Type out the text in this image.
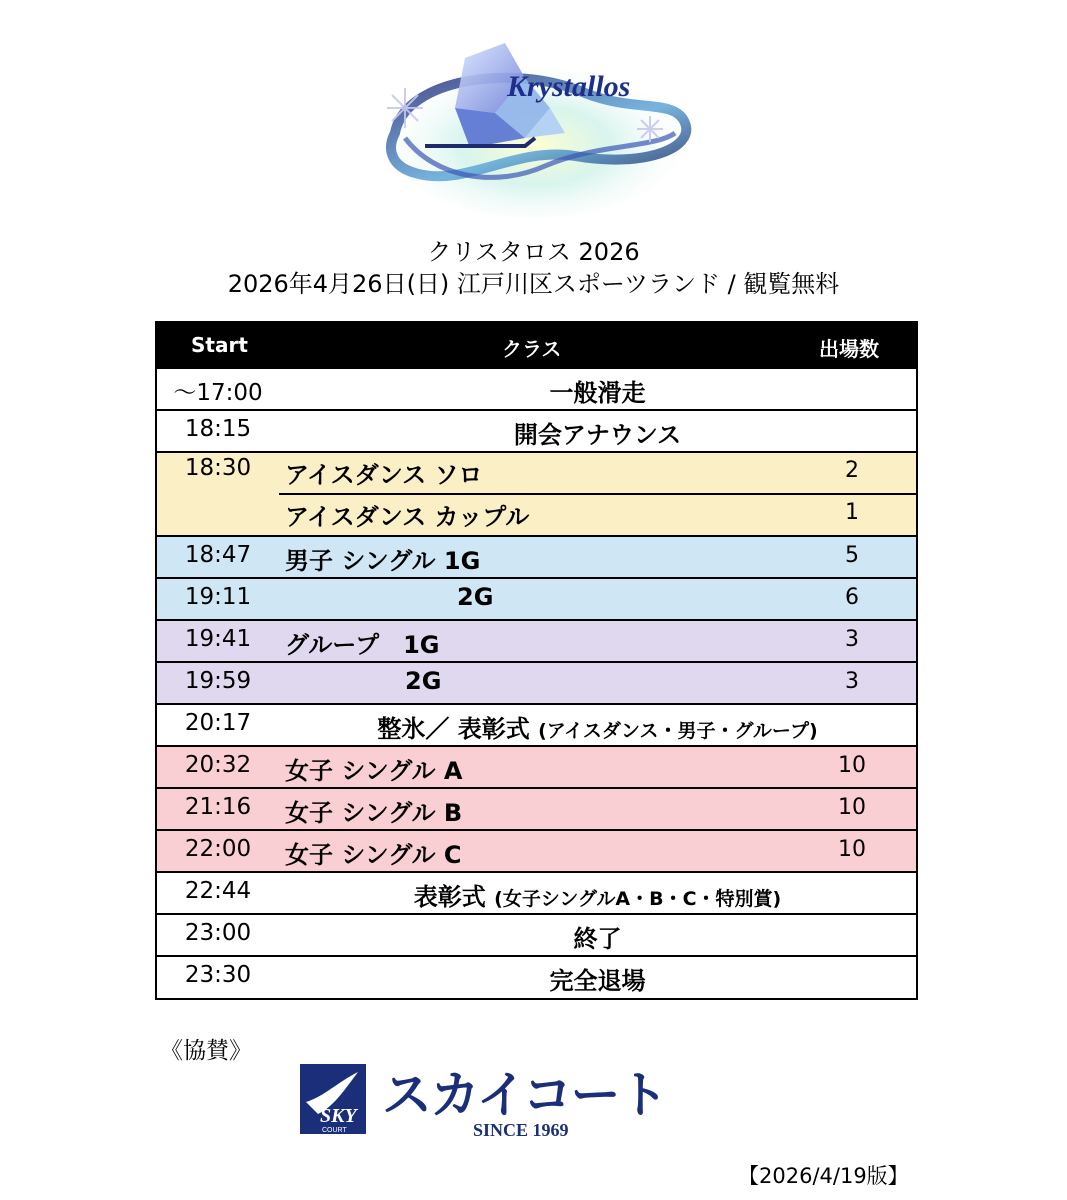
Krystallos
クリスタロス 2026
2026年4月26日(日) 江戸川区スポーツランド / 観覧無料
Start	クラス	出場数
～17:00	一般滑走
18:15	開会アナウンス
18:30	アイスダンス ソロ	2
アイスダンス カップル	1
18:47	男子 シングル 1G	5
19:11	2G	6
19:41	グループ　1G	3
19:59	2G	3
20:17	整氷／ 表彰式 (アイスダンス・男子・グループ)
20:32	女子 シングル A	10
21:16	女子 シングル B	10
22:00	女子 シングル C	10
22:44	表彰式 (女子シングルA・B・C・特別賞)
23:00	終了
23:30	完全退場
《協賛》
SKY
COURT
スカイコート
SINCE 1969
【2026/4/19版】
